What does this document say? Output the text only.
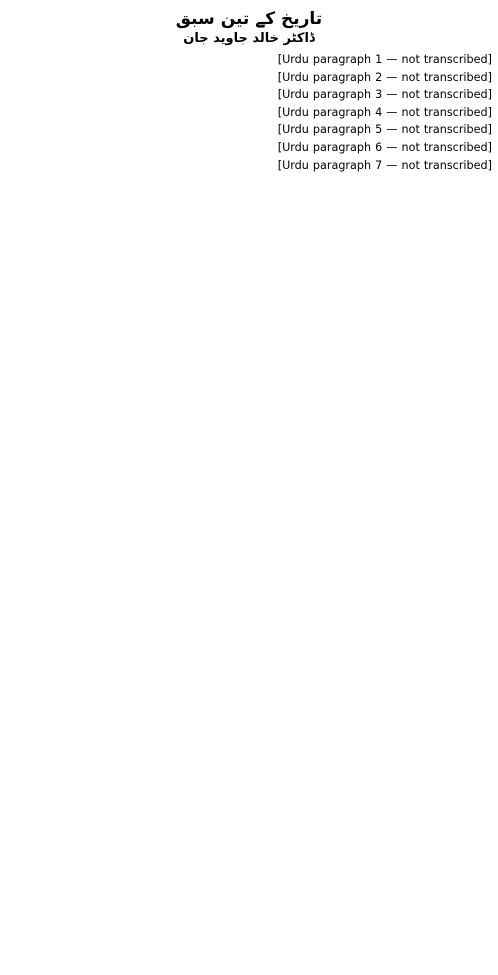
تاریخ کے تین سبق
ڈاکٹر خالد جاوید جان

[Urdu paragraph 1 — not transcribed]

[Urdu paragraph 2 — not transcribed]

[Urdu paragraph 3 — not transcribed]

[Urdu paragraph 4 — not transcribed]

[Urdu paragraph 5 — not transcribed]

[Urdu paragraph 6 — not transcribed]

[Urdu paragraph 7 — not transcribed]
